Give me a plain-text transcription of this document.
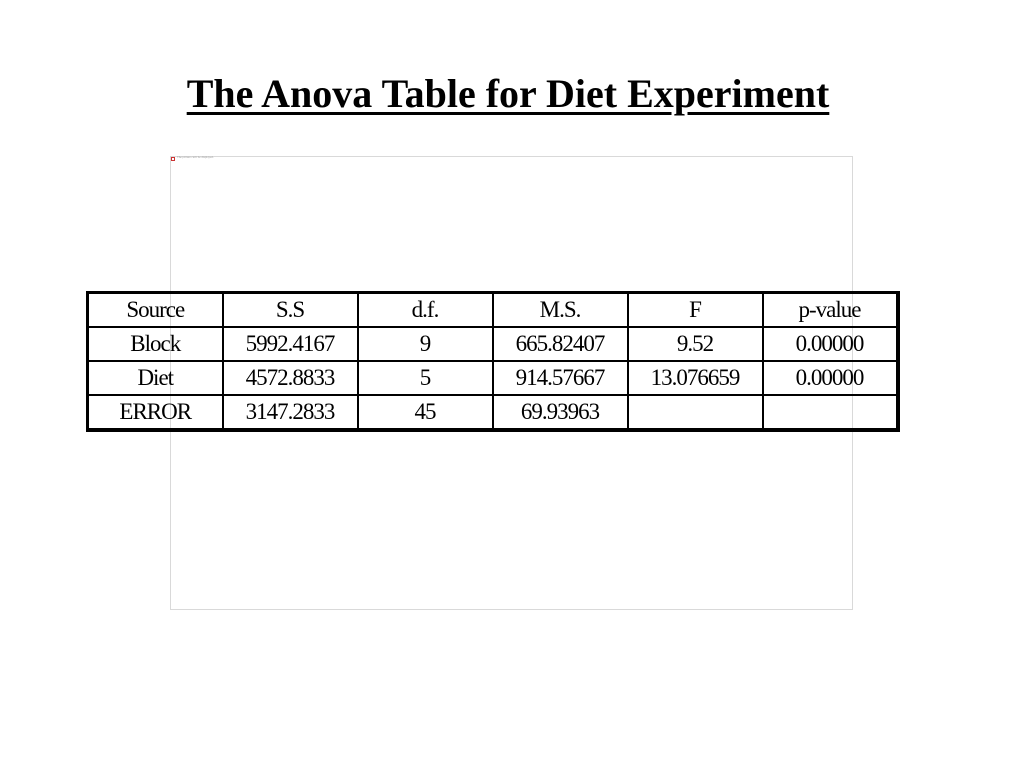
The Anova Table for Diet Experiment
The picture can't be displayed.
Source	S.S	d.f.	M.S.	F	p-value
Block	5992.4167	9	665.82407	9.52	0.00000
Diet	4572.8833	5	914.57667	13.076659	0.00000
ERROR	3147.2833	45	69.93963		
